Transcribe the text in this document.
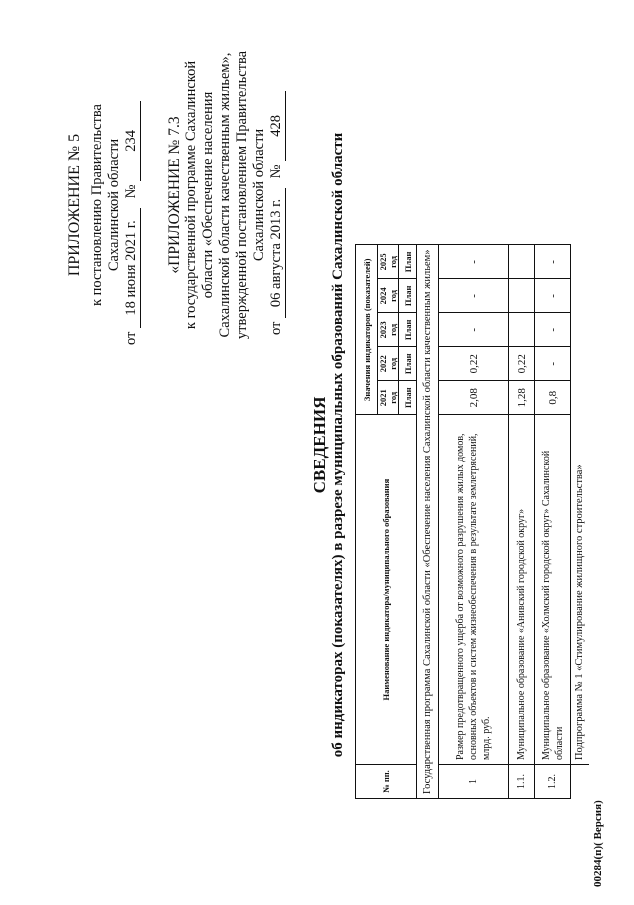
ПРИЛОЖЕНИЕ № 5 к постановлению Правительства Сахалинской области
от 18 июня 2021 г. № 234 «ПРИЛОЖЕНИЕ № 7.3 к государственной программе Сахалинской области «Обеспечение населения Сахалинской области качественным жильем», утвержденной постановлением Правительства Сахалинской области
от 06 августа 2013 г. № 428
СВЕДЕНИЯ об индикаторах (показателях) в разрезе муниципальных образований Сахалинской области
№ пп.	Наименование индикатора/муниципального образования	Значения индикаторов (показателей)				
		2021 год	2022 год	2023 год	2024 год	2025 год
		План	План	План	План	План
Государственная программа Сахалинской области «Обеспечение населения Сахалинской области качественным жильем»						
1	Размер предотвращенного ущерба от возможного разрушения жилых домов, основных объектов и систем жизнеобеспечения в результате землетрясений, млрд. руб.	2,08	0,22	-	-	-
1.1.	Муниципальное образование «Анивский городской округ»	1,28	0,22			
1.2.	Муниципальное образование «Холмский городской округ» Сахалинской области	0,8	-	-	-	-
	Подпрограмма № 1 «Стимулирование жилищного строительства»					
00284(п)( Версия)
